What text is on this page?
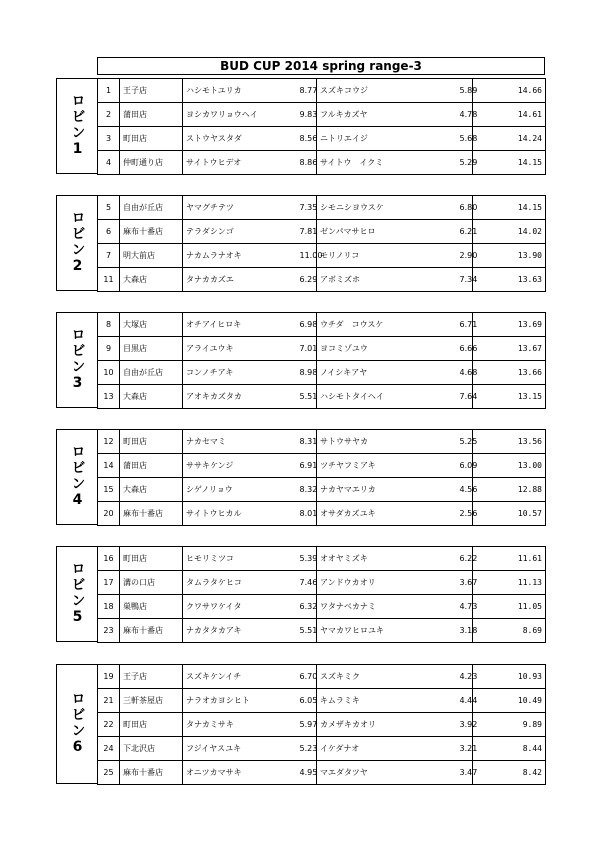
BUD CUP 2014 spring range-3
ロビン1
1	王子店	ハシモトユリカ	8.77	スズキコウジ	5.89	14.66
2	蒲田店	ヨシカワリョウヘイ	9.83	フルキカズヤ	4.78	14.61
3	町田店	ストウヤスタダ	8.56	ニトリエイジ	5.68	14.24
4	仲町通り店	サイトウヒデオ	8.86	サイトウ　イクミ	5.29	14.15
ロビン2
5	自由が丘店	ヤマグチテツ	7.35	シモニシヨウスケ	6.80	14.15
6	麻布十番店	テラダシンゴ	7.81	ゼンパマサヒロ	6.21	14.02
7	明大前店	ナカムラナオキ	11.00	モリノリコ	2.90	13.90
11	大森店	タナカカズエ	6.29	アボミズホ	7.34	13.63
ロビン3
8	大塚店	オチアイヒロキ	6.98	ウチダ　コウスケ	6.71	13.69
9	目黒店	アライユウキ	7.01	ヨコミゾユウ	6.66	13.67
10	自由が丘店	コンノチアキ	8.98	ノイシキアヤ	4.68	13.66
13	大森店	アオキカズタカ	5.51	ハシモトタイヘイ	7.64	13.15
ロビン4
12	町田店	ナカセマミ	8.31	サトウサヤカ	5.25	13.56
14	蒲田店	ササキケンジ	6.91	ツチヤフミアキ	6.09	13.00
15	大森店	シゲノリョウ	8.32	ナカヤマエリカ	4.56	12.88
20	麻布十番店	サイトウヒカル	8.01	オサダカズユキ	2.56	10.57
ロビン5
16	町田店	ヒモリミツコ	5.39	オオヤミズキ	6.22	11.61
17	溝の口店	タムラタケヒコ	7.46	アンドウカオリ	3.67	11.13
18	巣鴨店	クワサワケイタ	6.32	ワタナベカナミ	4.73	11.05
23	麻布十番店	ナカタタカアキ	5.51	ヤマカワヒロユキ	3.18	8.69
ロビン6
19	王子店	スズキケンイチ	6.70	スズキミク	4.23	10.93
21	三軒茶屋店	ナラオカヨシヒト	6.05	キムラミキ	4.44	10.49
22	町田店	タナカミサキ	5.97	カメザキカオリ	3.92	9.89
24	下北沢店	フジイヤスユキ	5.23	イケダナオ	3.21	8.44
25	麻布十番店	オニツカマサキ	4.95	マエダタツヤ	3.47	8.42
